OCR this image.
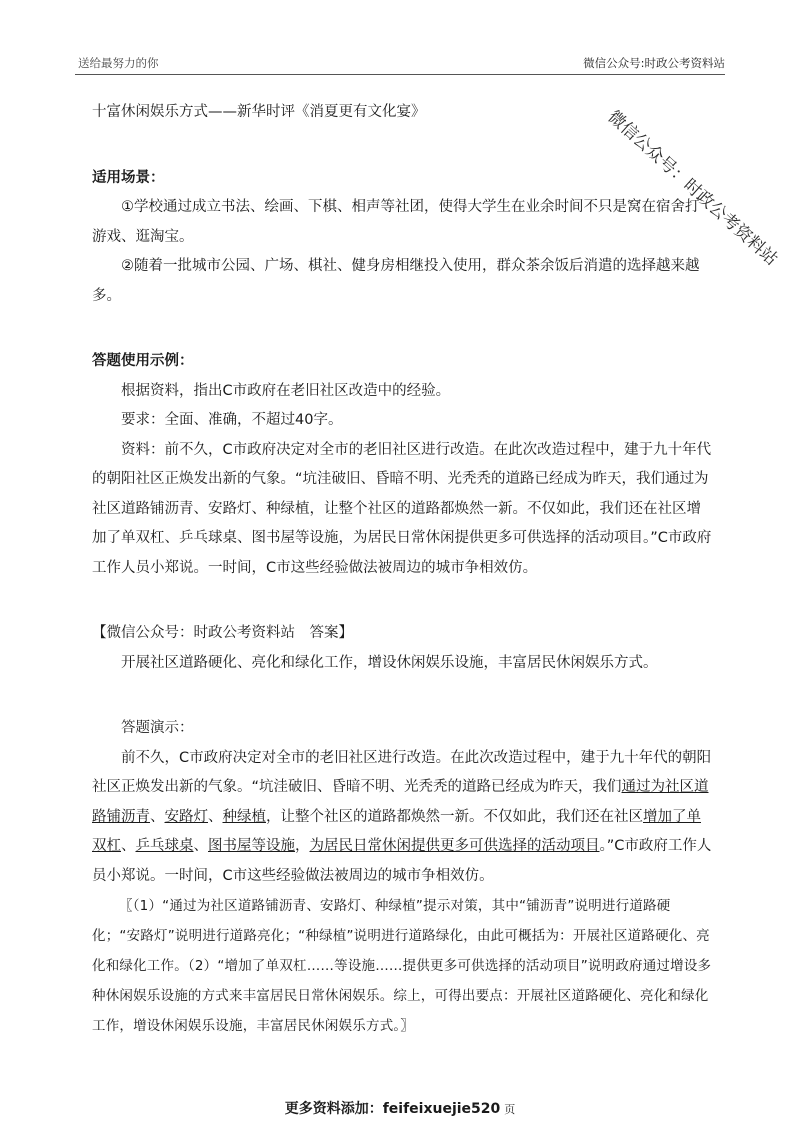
送给最努力的你	微信公众号:时政公考资料站
微信公众号：时政公考资料站

十富休闲娱乐方式——新华时评《消夏更有文化宴》

适用场景：

①学校通过成立书法、绘画、下棋、相声等社团，使得大学生在业余时间不只是窝在宿舍打游戏、逛淘宝。

②随着一批城市公园、广场、棋社、健身房相继投入使用，群众茶余饭后消遣的选择越来越多。

答题使用示例：

根据资料，指出C市政府在老旧社区改造中的经验。

要求：全面、准确，不超过40字。

资料：前不久，C市政府决定对全市的老旧社区进行改造。在此次改造过程中，建于九十年代的朝阳社区正焕发出新的气象。“坑洼破旧、昏暗不明、光秃秃的道路已经成为昨天，我们通过为社区道路铺沥青、安路灯、种绿植，让整个社区的道路都焕然一新。不仅如此，我们还在社区增加了单双杠、乒乓球桌、图书屋等设施，为居民日常休闲提供更多可供选择的活动项目。”C市政府工作人员小郑说。一时间，C市这些经验做法被周边的城市争相效仿。

【微信公众号：时政公考资料站　答案】

开展社区道路硬化、亮化和绿化工作，增设休闲娱乐设施，丰富居民休闲娱乐方式。

答题演示：

前不久，C市政府决定对全市的老旧社区进行改造。在此次改造过程中，建于九十年代的朝阳社区正焕发出新的气象。“坑洼破旧、昏暗不明、光秃秃的道路已经成为昨天，我们通过为社区道路铺沥青、安路灯、种绿植，让整个社区的道路都焕然一新。不仅如此，我们还在社区增加了单双杠、乒乓球桌、图书屋等设施，为居民日常休闲提供更多可供选择的活动项目。”C市政府工作人员小郑说。一时间，C市这些经验做法被周边的城市争相效仿。

〖（1）“通过为社区道路铺沥青、安路灯、种绿植”提示对策，其中“铺沥青”说明进行道路硬化；“安路灯”说明进行道路亮化；“种绿植”说明进行道路绿化，由此可概括为：开展社区道路硬化、亮化和绿化工作。（2）“增加了单双杠……等设施……提供更多可供选择的活动项目”说明政府通过增设多种休闲娱乐设施的方式来丰富居民日常休闲娱乐。综上，可得出要点：开展社区道路硬化、亮化和绿化工作，增设休闲娱乐设施，丰富居民休闲娱乐方式。〗

更多资料添加：feifeixuejie520 页
